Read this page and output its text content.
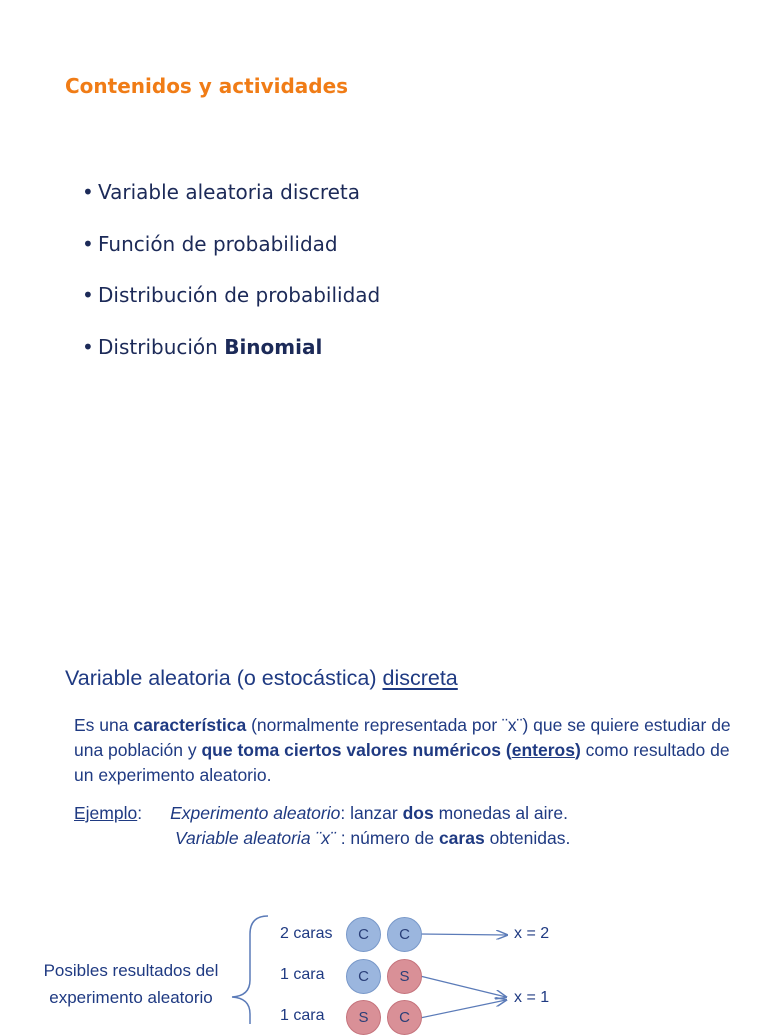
Contenidos y actividades
• Variable aleatoria discreta
• Función de probabilidad
• Distribución de probabilidad
• Distribución Binomial
Variable aleatoria (o estocástica) discreta
Es una característica (normalmente representada por ¨x¨) que se quiere estudiar de una población y que toma ciertos valores numéricos (enteros) como resultado de un experimento aleatorio.
Ejemplo: Experimento aleatorio: lanzar dos monedas al aire.
Variable aleatoria ¨x¨ : número de caras obtenidas.
Posibles resultados del experimento aleatorio
2 caras	C	C	x = 2
1 cara	C	S
x = 1
1 cara	S	C
